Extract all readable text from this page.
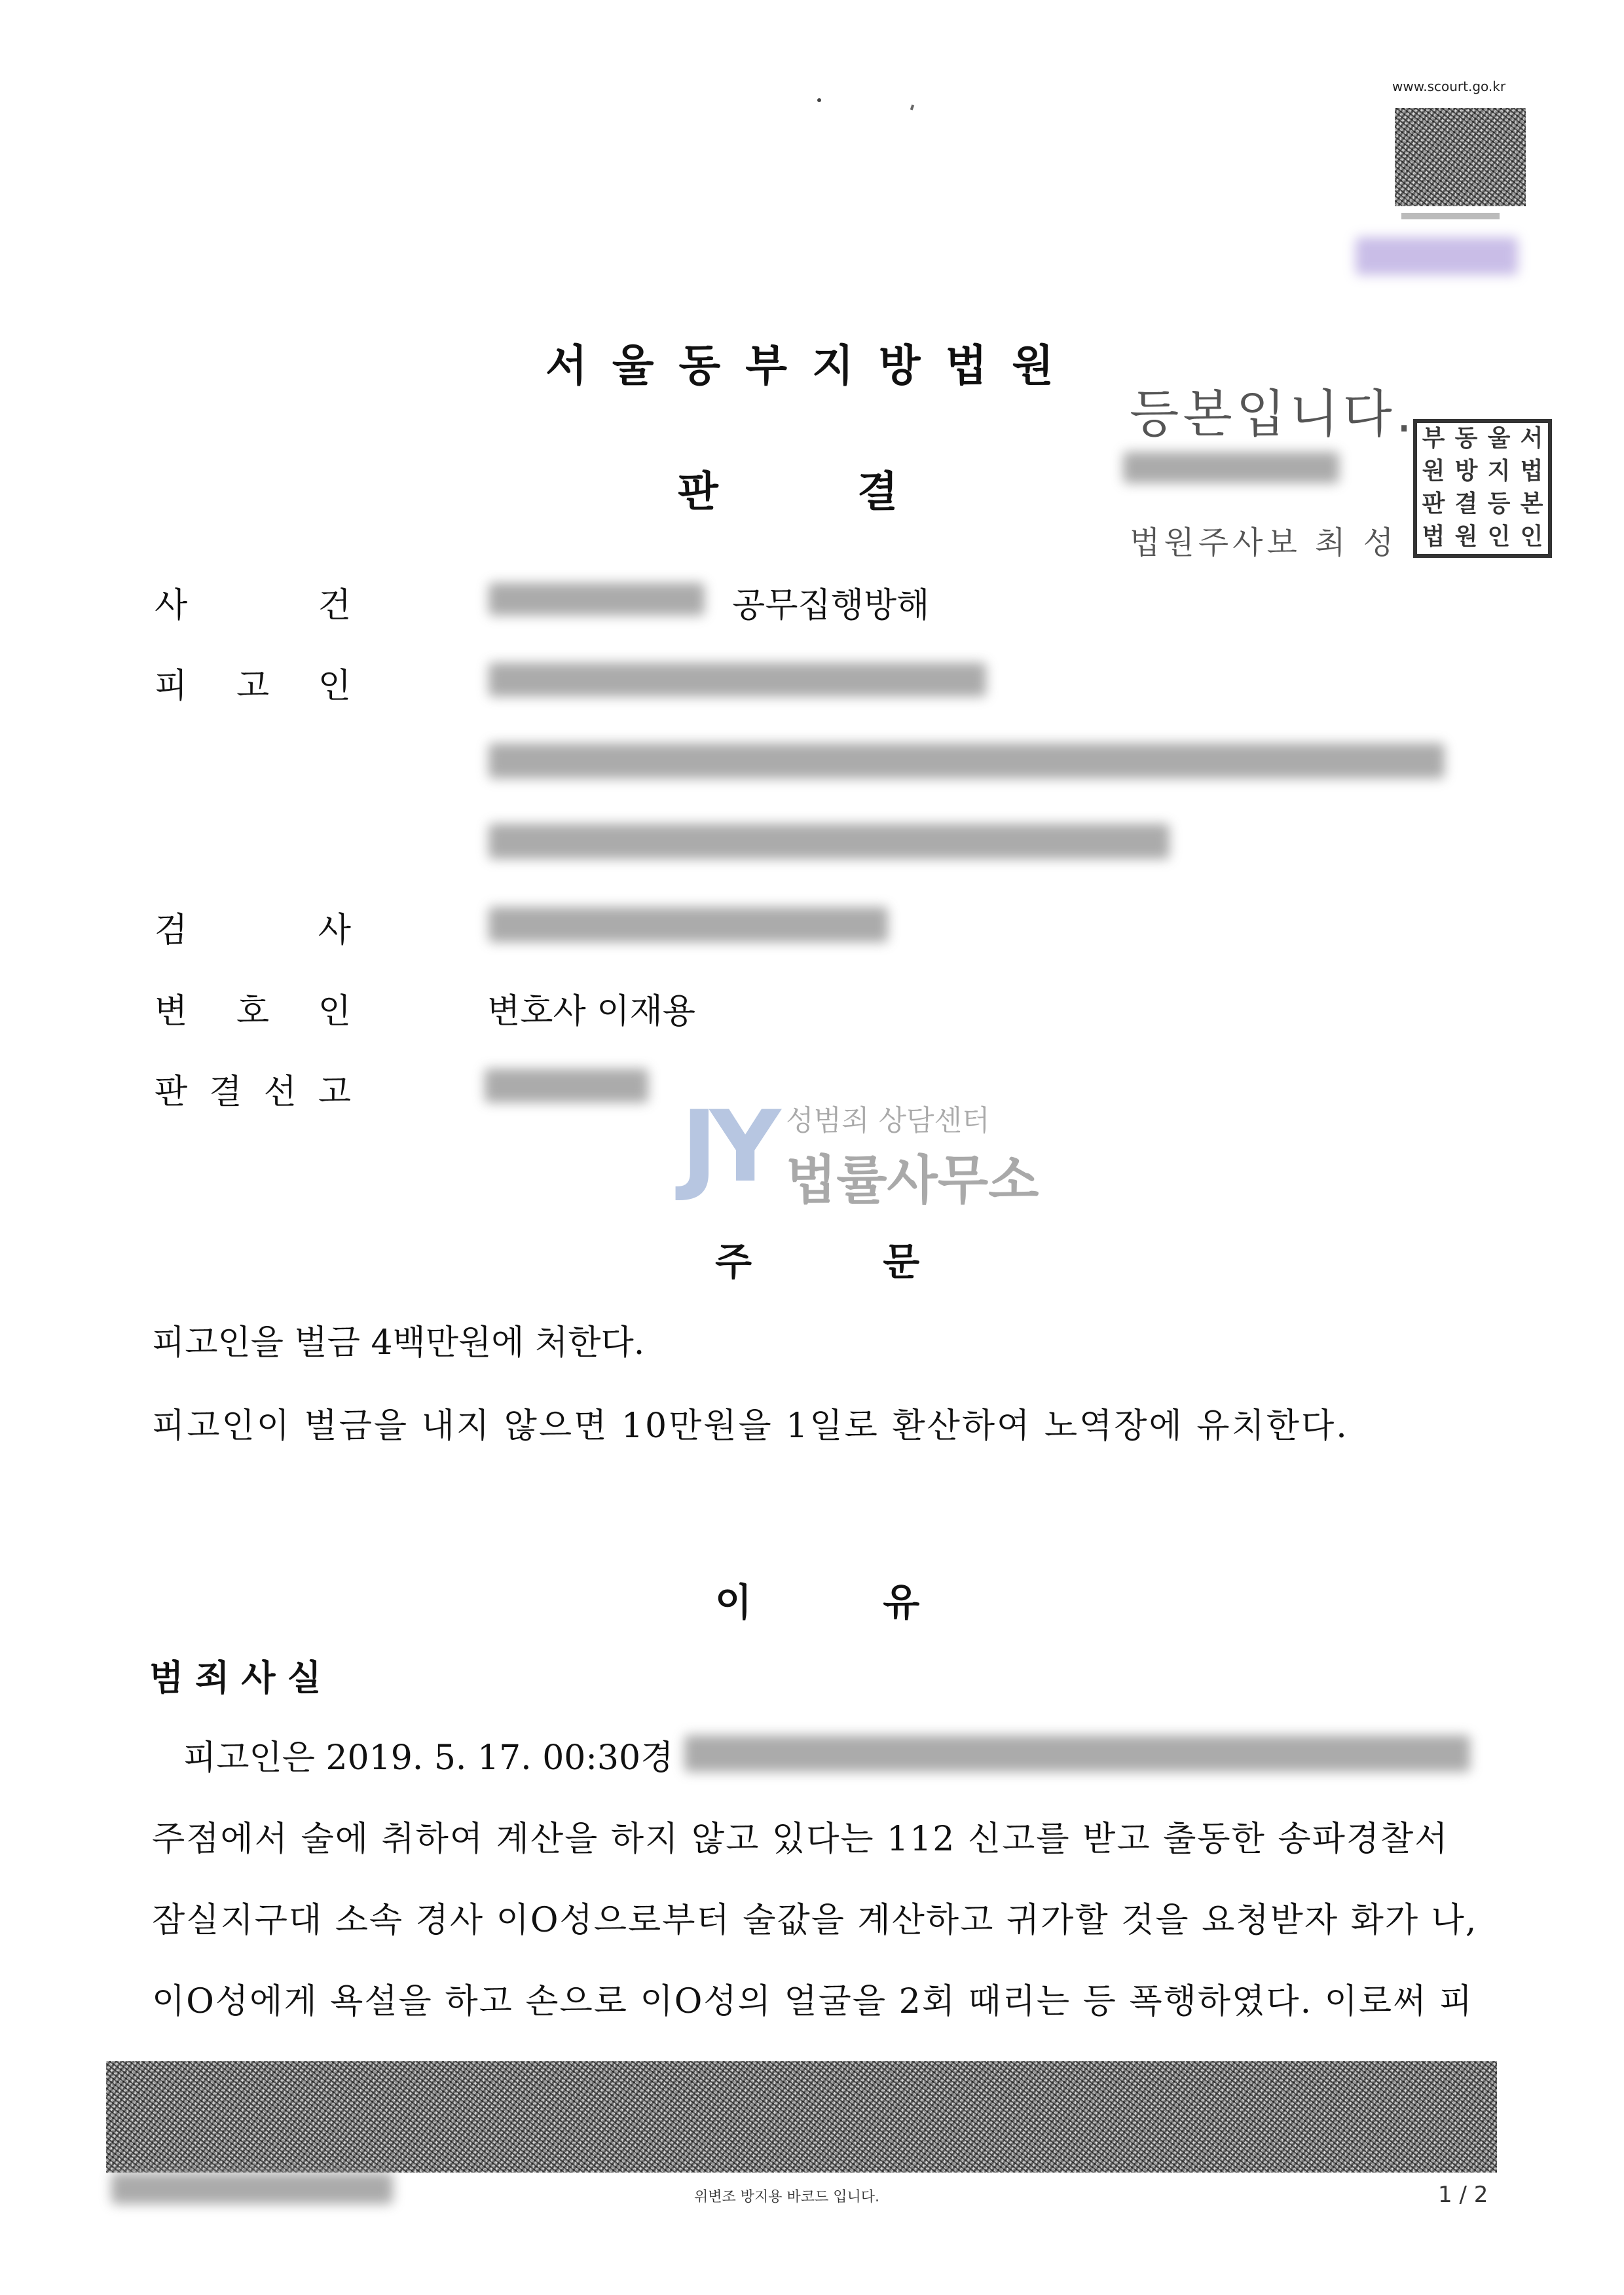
www.scourt.go.kr
서울동부지방법원
등본입니다.
법원주사보 최 성
부 동 울 서
원 방 지 법
판 결 등 본
법 원 인 인
판 결
사	건	공무집행방해
피 고 인
검	사
변 호 인	변호사 이재용
판 결 선 고	JY 성범죄 상담센터
법률사무소
주 문
피고인을 벌금 4백만원에 처한다.
피고인이 벌금을 내지 않으면 10만원을 1일로 환산하여 노역장에 유치한다.
이 유
범죄사실
피고인은 2019. 5. 17. 00:30경
주점에서 술에 취하여 계산을 하지 않고 있다는 112 신고를 받고 출동한 송파경찰서
잠실지구대 소속 경사 이O성으로부터 술값을 계산하고 귀가할 것을 요청받자 화가 나,
이O성에게 욕설을 하고 손으로 이O성의 얼굴을 2회 때리는 등 폭행하였다. 이로써 피
위변조 방지용 바코드 입니다.	1 / 2
